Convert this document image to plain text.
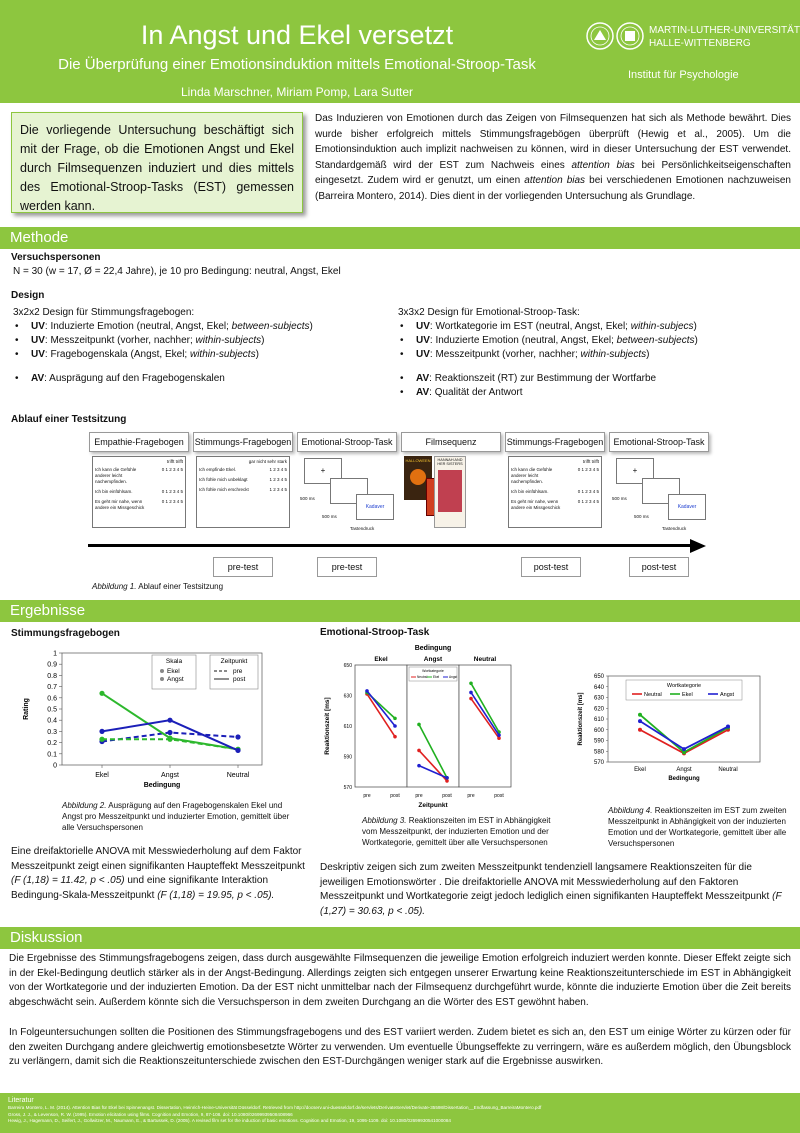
In Angst und Ekel versetzt
Die Überprüfung einer Emotionsinduktion mittels Emotional-Stroop-Task
Linda Marschner, Miriam Pomp, Lara Sutter
MARTIN-LUTHER-UNIVERSITÄT
HALLE-WITTENBERG
Institut für Psychologie
Die vorliegende Untersuchung beschäftigt sich mit der Frage, ob die Emotionen Angst und Ekel durch Filmsequenzen induziert und dies mittels des Emotional-Stroop-Tasks (EST) gemessen werden kann.
Das Induzieren von Emotionen durch das Zeigen von Filmsequenzen hat sich als Methode bewährt. Dies wurde bisher erfolgreich mittels Stimmungsfragebögen überprüft (Hewig et al., 2005). Um die Emotionsinduktion auch implizit nachweisen zu können, wird in dieser Untersuchung der EST verwendet. Standardgemäß wird der EST zum Nachweis eines attention bias bei Persönlichkeitseigenschaften eingesetzt. Zudem wird er genutzt, um einen attention bias bei verschiedenen Emotionen nachzuweisen (Barreira Montero, 2014). Dies dient in der vorliegenden Untersuchung als Grundlage.
Methode
Versuchspersonen
N = 30 (w = 17, Ø = 22,4 Jahre), je 10 pro Bedingung: neutral, Angst, Ekel
Design
3x2x2 Design für Stimmungsfragebogen:
• UV: Induzierte Emotion (neutral, Angst, Ekel; between-subjects)
• UV: Messzeitpunkt (vorher, nachher; within-subjects)
• UV: Fragebogenskala (Angst, Ekel; within-subjects)
• AV: Ausprägung auf den Fragebogenskalen
3x3x2 Design für Emotional-Stroop-Task:
• UV: Wortkategorie im EST (neutral, Angst, Ekel; within-subjecs)
• UV: Induzierte Emotion (neutral, Angst, Ekel; between-subjects)
• UV: Messzeitpunkt (vorher, nachher; within-subjects)
• AV: Reaktionszeit (RT) zur Bestimmung der Wortfarbe
• AV: Qualität der Antwort
Ablauf einer Testsitzung
Empathie-Fragebogen	Stimmungs-Fragebogen	Emotional-Stroop-Task	Filmsequenz	Stimmungs-Fragebogen	Emotional-Stroop-Task
trifft trifft
Ich kann die Gefühle anderer leicht nachempfinden.
0 1 2 3 4 5
Ich bin einfühlsam.	0 1 2 3 4 5
Es geht mir nahe, wenn andere ein Missgeschick
0 1 2 3 4 5
gar nicht sehr stark
Ich empfinde Ekel.	1 2 3 4 5
Ich fühle mich unbeklagt	1 2 3 4 5
Ich fühle mich erschreckt	1 2 3 4 5
+
Kadaver
500 ms
500 ms
Tastendruck
HALLOWEEN	HANNAH AND HER SISTERS	trifft trifft
Ich kann die Gefühle anderer leicht nachempfinden.
0 1 2 3 4 5
Ich bin einfühlsam.	0 1 2 3 4 5
Es geht mir nahe, wenn andere ein Missgeschick
0 1 2 3 4 5
+
Kadaver
500 ms
500 ms
Tastendruck
pre-test	pre-test	post-test	post-test
Abbildung 1. Ablauf einer Testsitzung
Ergebnisse
Stimmungsfragebogen	Emotional-Stroop-Task
0
0.1
0.2
0.3
0.4
0.5
0.6
0.7
0.8
0.9
1
Ekel	Angst	Neutral
Bedingung
Rating
Skala
Ekel
Angst
Zeitpunkt
pre
post
Bedingung
Ekel
pre	post
Angst
pre	post
Neutral
pre	post
570
590
610
630
650
Zeitpunkt
Reaktionszeit [ms]
Wortkategorie
Neutral Ekel	Angst
570
580
590
600
610
620
630
640
650
Ekel	Angst	Neutral
Bedingung
Reaktionszeit [ms]
Wortkategorie
Neutral	Ekel	Angst
Abbildung 2. Ausprägung auf den Fragebogenskalen Ekel und Angst pro Messzeitpunkt und induzierter Emotion, gemittelt über alle Versuchspersonen
Abbildung 3. Reaktionszeiten im EST in Abhängigkeit vom Messzeitpunkt, der induzierten Emotion und der Wortkategorie, gemittelt über alle Versuchspersonen
Abbildung 4. Reaktionszeiten im EST zum zweiten Messzeitpunkt in Abhängigkeit von der induzierten Emotion und der Wortkategorie, gemittelt über alle Versuchspersonen
Eine dreifaktorielle ANOVA mit Messwiederholung auf dem Faktor Messzeitpunkt zeigt einen signifikanten Haupteffekt Messzeitpunkt (F (1,18) = 11.42, p < .05) und eine signifikante Interaktion Bedingung-Skala-Messzeitpunkt (F (1,18) = 19.95, p < .05).
Deskriptiv zeigen sich zum zweiten Messzeitpunkt tendenziell langsamere Reaktionszeiten für die jeweiligen Emotionswörter . Die dreifaktorielle ANOVA mit Messwiederholung auf den Faktoren Messzeitpunkt und Wortkategorie zeigt jedoch lediglich einen signifikanten Haupteffekt Messzeitpunkt (F (1,27) = 30.63, p < .05).
Diskussion
Die Ergebnisse des Stimmungsfragebogens zeigen, dass durch ausgewählte Filmsequenzen die jeweilige Emotion erfolgreich induziert werden konnte. Dieser Effekt zeigte sich in der Ekel-Bedingung deutlich stärker als in der Angst-Bedingung. Allerdings zeigten sich entgegen unserer Erwartung keine Reaktionszeitunterschiede im EST in Abhängigkeit von der Wortkategorie und der induzierten Emotion. Da der EST nicht unmittelbar nach der Filmsequenz durchgeführt wurde, könnte die induzierte Emotion über die Zeit bereits abgeschwächt sein. Außerdem könnte sich die Versuchsperson in dem zweiten Durchgang an die Wörter des EST gewöhnt haben.
In Folgeuntersuchungen sollten die Positionen des Stimmungsfragebogens und des EST variiert werden. Zudem bietet es sich an, den EST um einige Wörter zu kürzen oder für den zweiten Durchgang andere gleichwertig emotionsbesetzte Wörter zu verwenden. Um eventuelle Übungseffekte zu verringern, wäre es außerdem möglich, den Übungsblock zu verlängern, damit sich die Reaktionszeitunterschiede zwischen den EST-Durchgängen weniger stark auf die Ergebnisse auswirken.
Literatur
Barreira Montero, L. M. (2014). Attention Bias für Ekel bei Spinnenangst. Dissertation, Heinrich-Heine-Universität Düsseldorf. Retrieved from http://docserv.uni-duesseldorf.de/servlets/DerivateServlet/Derivate-35598/Dissertation__Endfassung_BarreiraMontero.pdf
Gross, J. J., & Levenson, R. W. (1995). Emotion elicitation using films. Cognition and Emotion, 9, 87-108. doi: 10.1080/02699939508408966
Hewig, J., Hagemann, D., Seifert, J., Gollwitzer, M., Naumann, E., & Bartussek, D. (2005). A revised film set for the induction of basic emotions. Cognition and Emotion, 19, 1095-1109. doi: 10.1080/02699930541000084
